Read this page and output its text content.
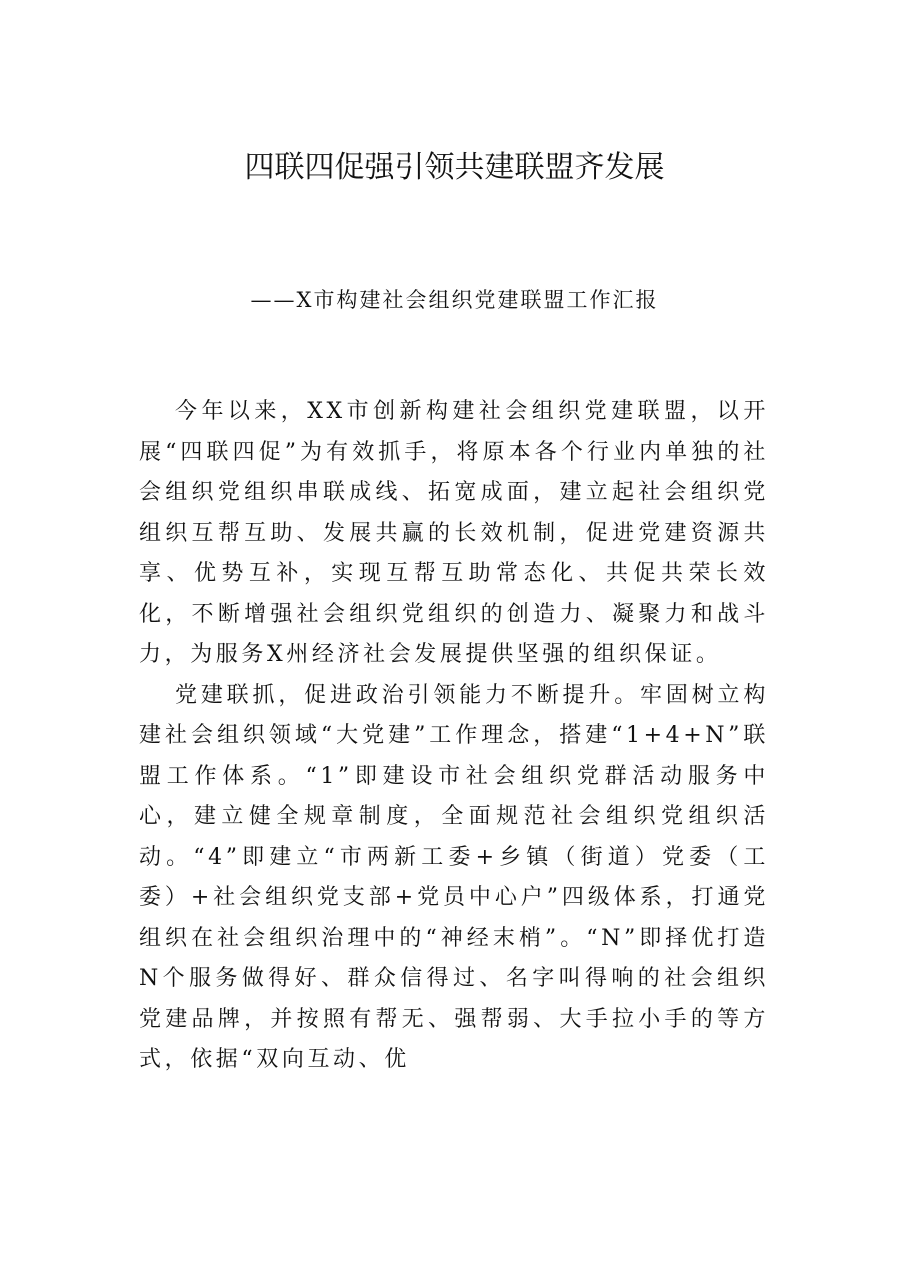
四联四促强引领共建联盟齐发展

——X市构建社会组织党建联盟工作汇报

今年以来，XX市创新构建社会组织党建联盟，以开展“四联四促”为有效抓手，将原本各个行业内单独的社会组织党组织串联成线、拓宽成面，建立起社会组织党组织互帮互助、发展共赢的长效机制，促进党建资源共享、优势互补，实现互帮互助常态化、共促共荣长效化，不断增强社会组织党组织的创造力、凝聚力和战斗力，为服务X州经济社会发展提供坚强的组织保证。

党建联抓，促进政治引领能力不断提升。牢固树立构建社会组织领域“大党建”工作理念，搭建“1+4+N”联盟工作体系。“1”即建设市社会组织党群活动服务中心，建立健全规章制度，全面规范社会组织党组织活动。“4”即建立“市两新工委+乡镇（街道）党委（工委）+社会组织党支部+党员中心户”四级体系，打通党组织在社会组织治理中的“神经末梢”。“N”即择优打造N个服务做得好、群众信得过、名字叫得响的社会组织党建品牌，并按照有帮无、强帮弱、大手拉小手的等方式，依据“双向互动、优
